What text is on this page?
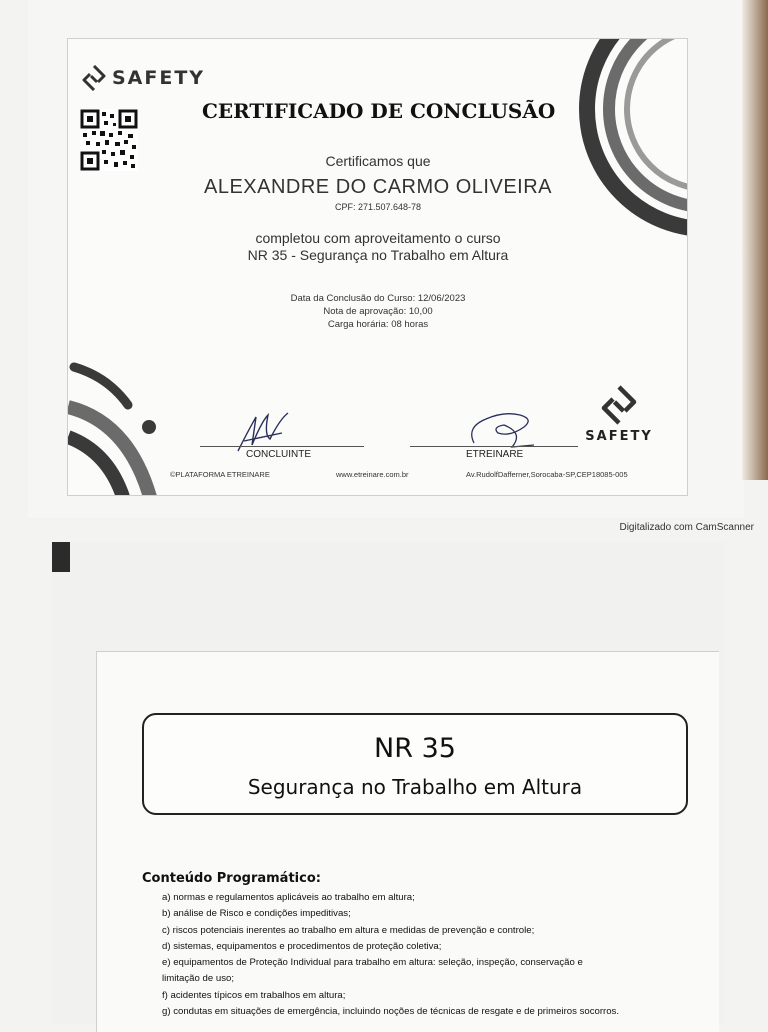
SAFETY
CERTIFICADO DE CONCLUSÃO
Certificamos que
ALEXANDRE DO CARMO OLIVEIRA
CPF: 271.507.648-78
completou com aproveitamento o curso
NR 35 - Segurança no Trabalho em Altura
Data da Conclusão do Curso: 12/06/2023
Nota de aprovação: 10,00
Carga horária: 08 horas
CONCLUINTE	ETREINARE
SAFETY
©PLATAFORMA ETREINARE	www.etreinare.com.br	Av.RudolfDafferner,Sorocaba-SP,CEP18085-005
Digitalizado com CamScanner
NR 35
Segurança no Trabalho em Altura
Conteúdo Programático:
a) normas e regulamentos aplicáveis ao trabalho em altura;
b) análise de Risco e condições impeditivas;
c) riscos potenciais inerentes ao trabalho em altura e medidas de prevenção e controle;
d) sistemas, equipamentos e procedimentos de proteção coletiva;
e) equipamentos de Proteção Individual para trabalho em altura: seleção, inspeção, conservação e limitação de uso;
f) acidentes típicos em trabalhos em altura;
g) condutas em situações de emergência, incluindo noções de técnicas de resgate e de primeiros socorros.
